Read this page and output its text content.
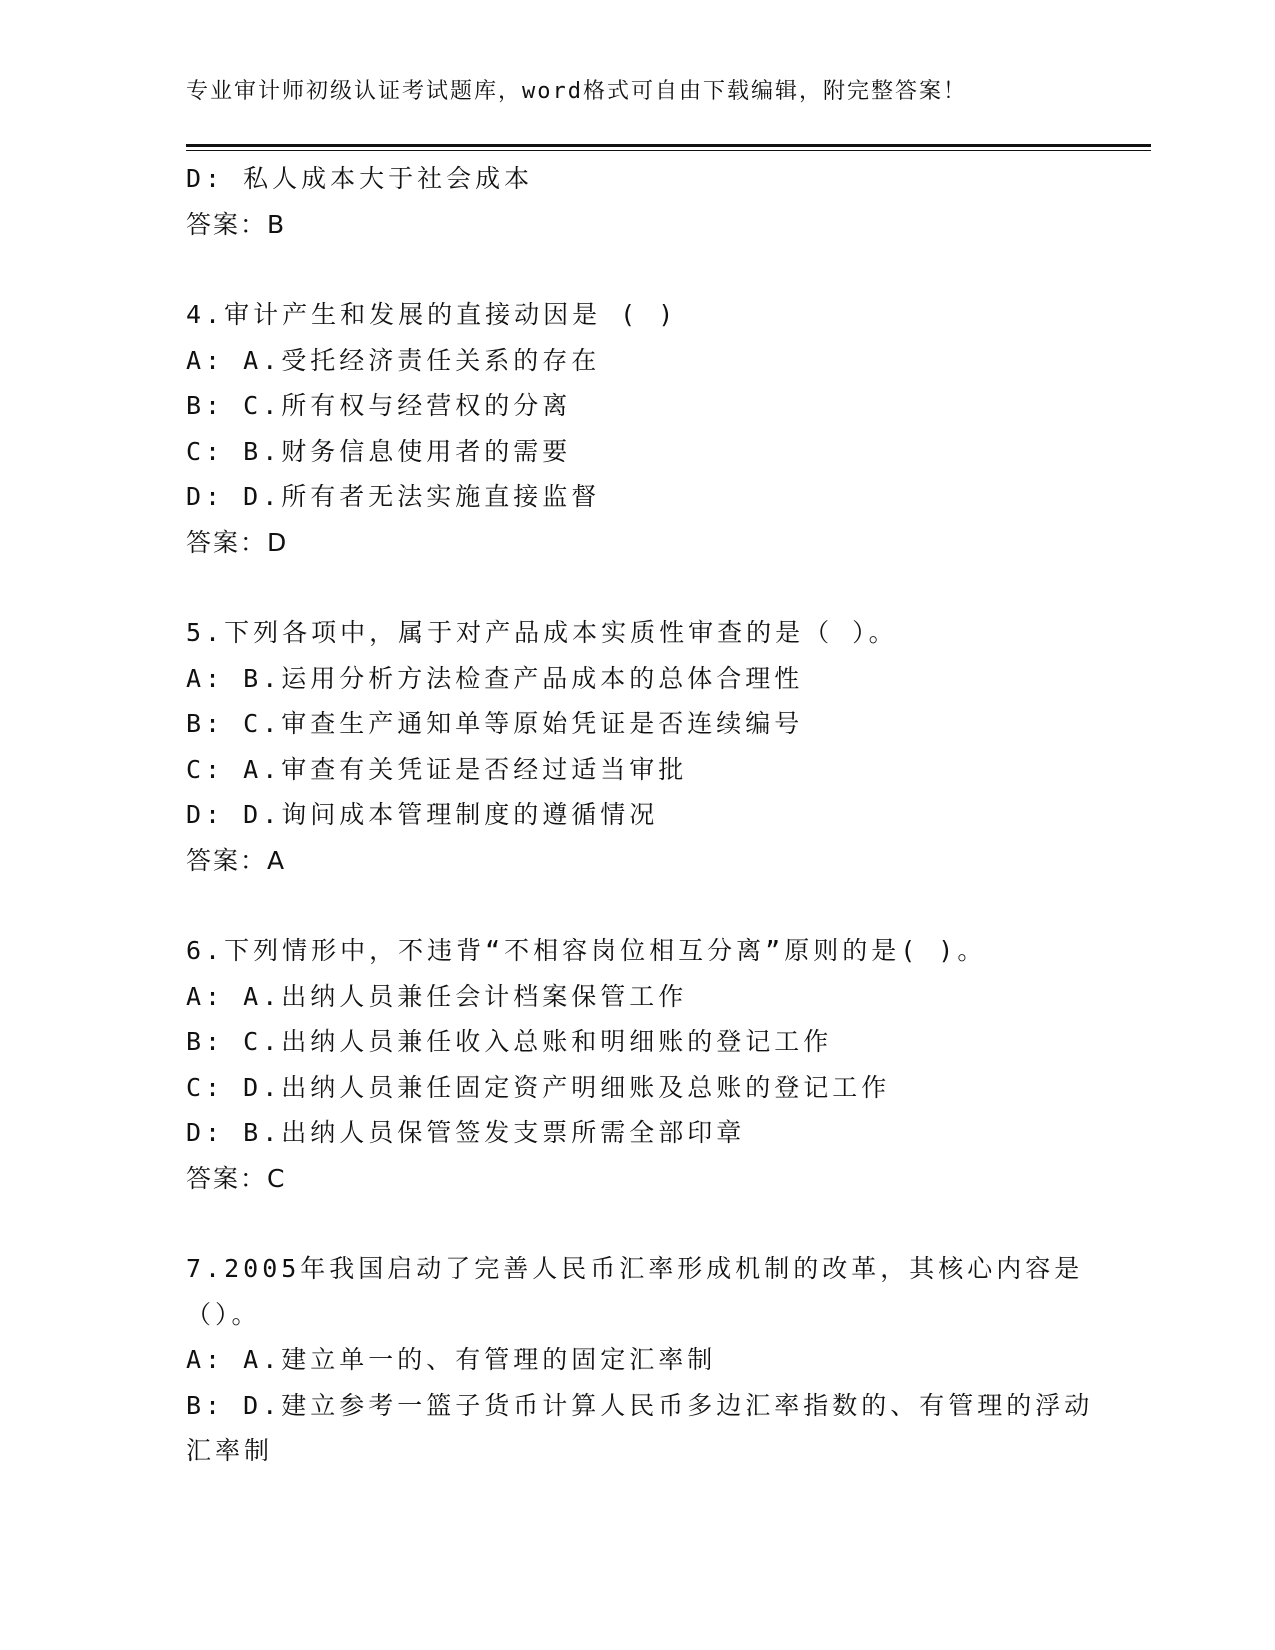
专业审计师初级认证考试题库，word格式可自由下载编辑，附完整答案！
D: 私人成本大于社会成本
答案：B
4.审计产生和发展的直接动因是 ( )
A: A.受托经济责任关系的存在
B: C.所有权与经营权的分离
C: B.财务信息使用者的需要
D: D.所有者无法实施直接监督
答案：D
5.下列各项中，属于对产品成本实质性审查的是（ ）。
A: B.运用分析方法检查产品成本的总体合理性
B: C.审查生产通知单等原始凭证是否连续编号
C: A.审查有关凭证是否经过适当审批
D: D.询问成本管理制度的遵循情况
答案：A
6.下列情形中，不违背“不相容岗位相互分离”原则的是( )。
A: A.出纳人员兼任会计档案保管工作
B: C.出纳人员兼任收入总账和明细账的登记工作
C: D.出纳人员兼任固定资产明细账及总账的登记工作
D: B.出纳人员保管签发支票所需全部印章
答案：C
7.2005年我国启动了完善人民币汇率形成机制的改革，其核心内容是
（）。
A: A.建立单一的、有管理的固定汇率制
B: D.建立参考一篮子货币计算人民币多边汇率指数的、有管理的浮动
汇率制
